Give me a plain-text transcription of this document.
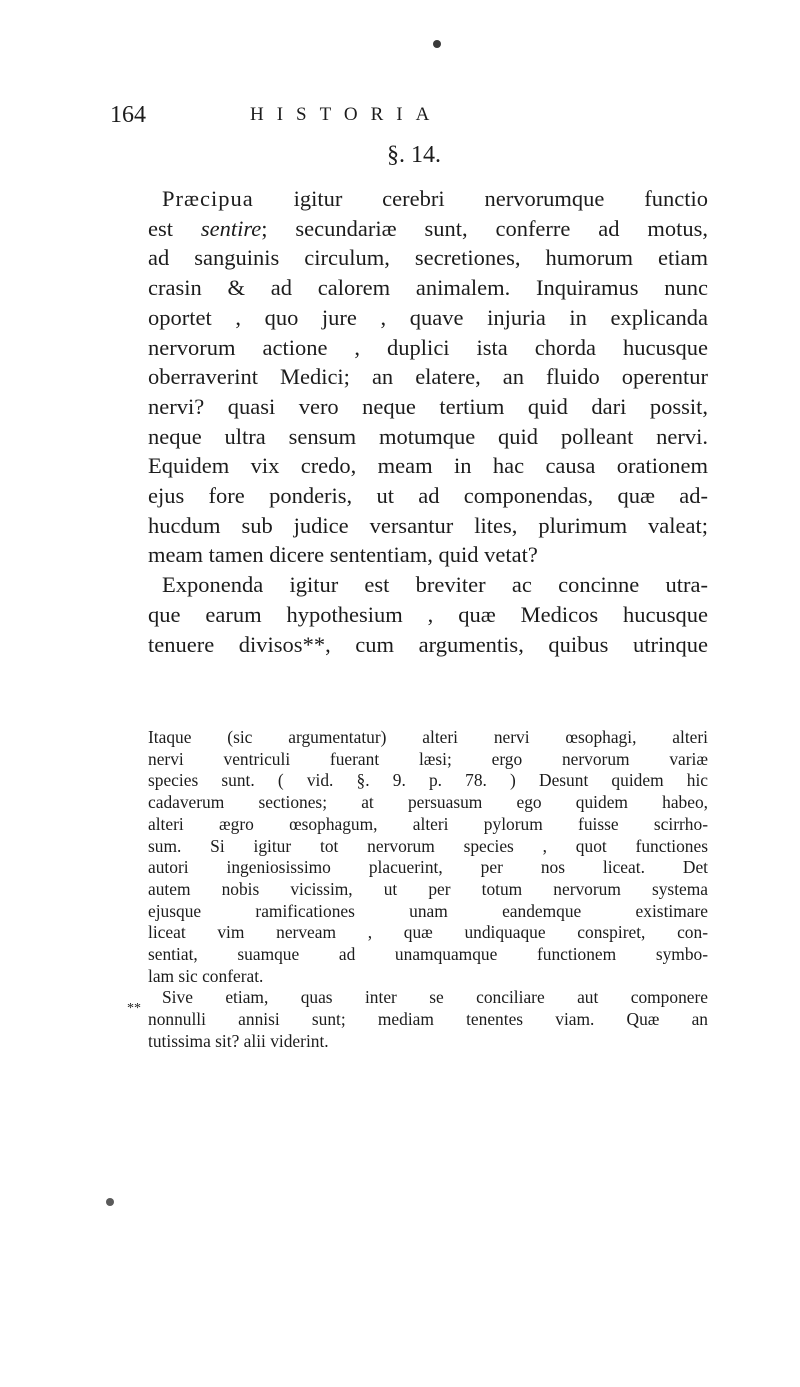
164	HISTORIA
§. 14.
Præcipua igitur cerebri nervorumque functio
est sentire; secundariæ sunt, conferre ad motus,
ad sanguinis circulum, secretiones, humorum etiam
crasin & ad calorem animalem. Inquiramus nunc
oportet , quo jure , quave injuria in explicanda
nervorum actione , duplici ista chorda hucusque
oberraverint Medici; an elatere, an fluido operentur
nervi? quasi vero neque tertium quid dari possit,
neque ultra sensum motumque quid polleant nervi.
Equidem vix credo, meam in hac causa orationem
ejus fore ponderis, ut ad componendas, quæ ad-
hucdum sub judice versantur lites, plurimum valeat;
meam tamen dicere sententiam, quid vetat?
Exponenda igitur est breviter ac concinne utra-
que earum hypothesium , quæ Medicos hucusque
tenuere divisos**, cum argumentis, quibus utrinque
Itaque (sic argumentatur) alteri nervi œsophagi, alteri
nervi ventriculi fuerant læsi; ergo nervorum variæ
species sunt. ( vid. §. 9. p. 78. ) Desunt quidem hic
cadaverum sectiones; at persuasum ego quidem habeo,
alteri ægro œsophagum, alteri pylorum fuisse scirrho-
sum. Si igitur tot nervorum species , quot functiones
autori ingeniosissimo placuerint, per nos liceat. Det
autem nobis vicissim, ut per totum nervorum systema
ejusque ramificationes unam eandemque existimare
liceat vim nerveam , quæ undiquaque conspiret, con-
sentiat, suamque ad unamquamque functionem symbo-
lam sic conferat.
Sive etiam, quas inter se conciliare aut componere
nonnulli annisi sunt; mediam tenentes viam. Quæ an
tutissima sit? alii viderint.
**
